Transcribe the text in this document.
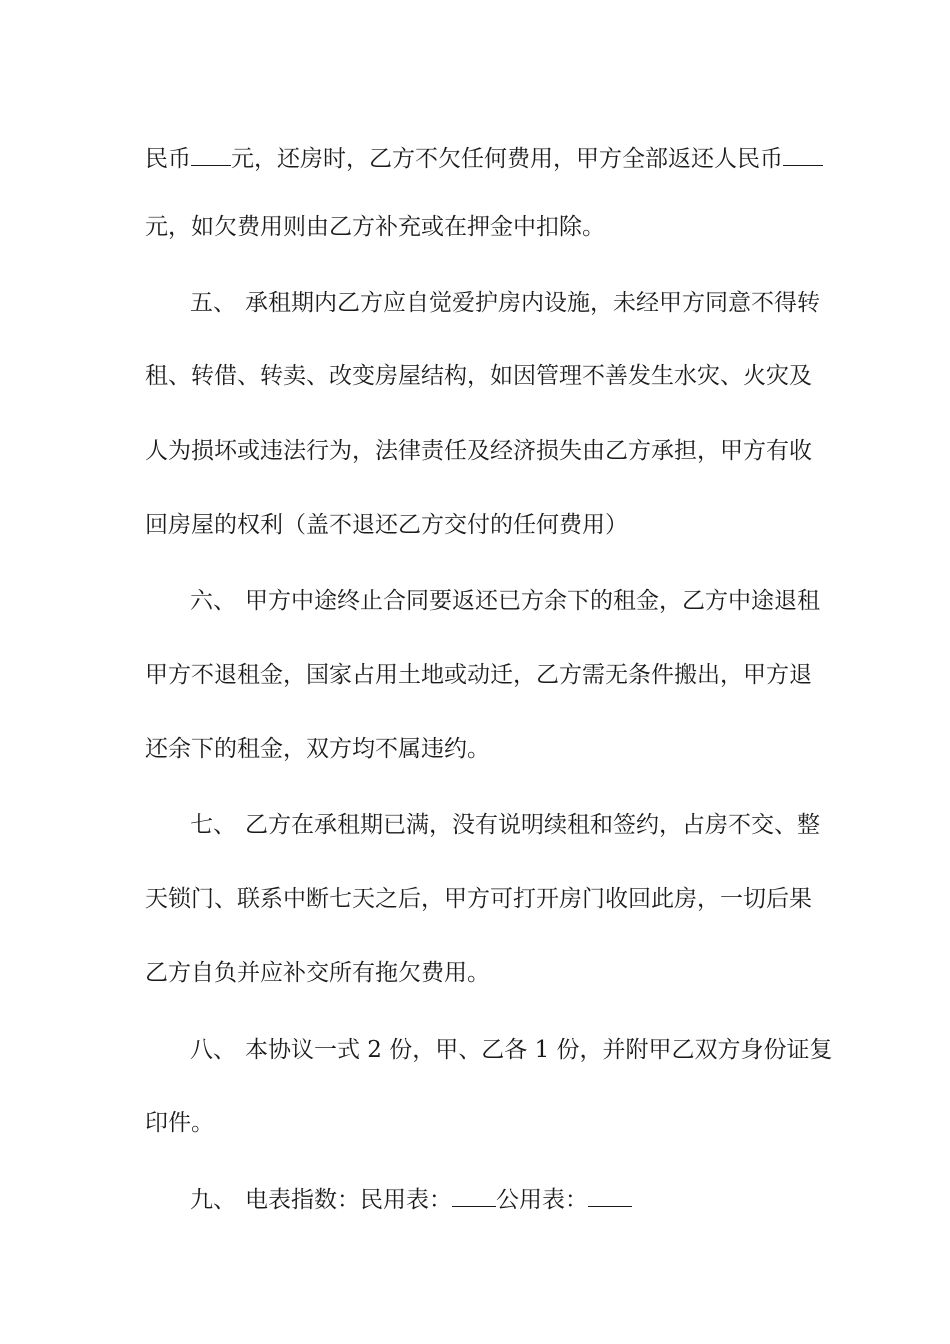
民币 元，还房时，乙方不欠任何费用，甲方全部返还人民币
元，如欠费用则由乙方补充或在押金中扣除。
五、 承租期内乙方应自觉爱护房内设施，未经甲方同意不得转
租、转借、转卖、改变房屋结构，如因管理不善发生水灾、火灾及
人为损坏或违法行为，法律责任及经济损失由乙方承担，甲方有收
回房屋的权利（盖不退还乙方交付的任何费用）
六、 甲方中途终止合同要返还已方余下的租金，乙方中途退租
甲方不退租金，国家占用土地或动迁，乙方需无条件搬出，甲方退
还余下的租金，双方均不属违约。
七、 乙方在承租期已满，没有说明续租和签约，占房不交、整
天锁门、联系中断七天之后，甲方可打开房门收回此房，一切后果
乙方自负并应补交所有拖欠费用。
八、 本协议一式 2 份，甲、乙各 1 份，并附甲乙双方身份证复
印件。
九、 电表指数：民用表： 公用表：
